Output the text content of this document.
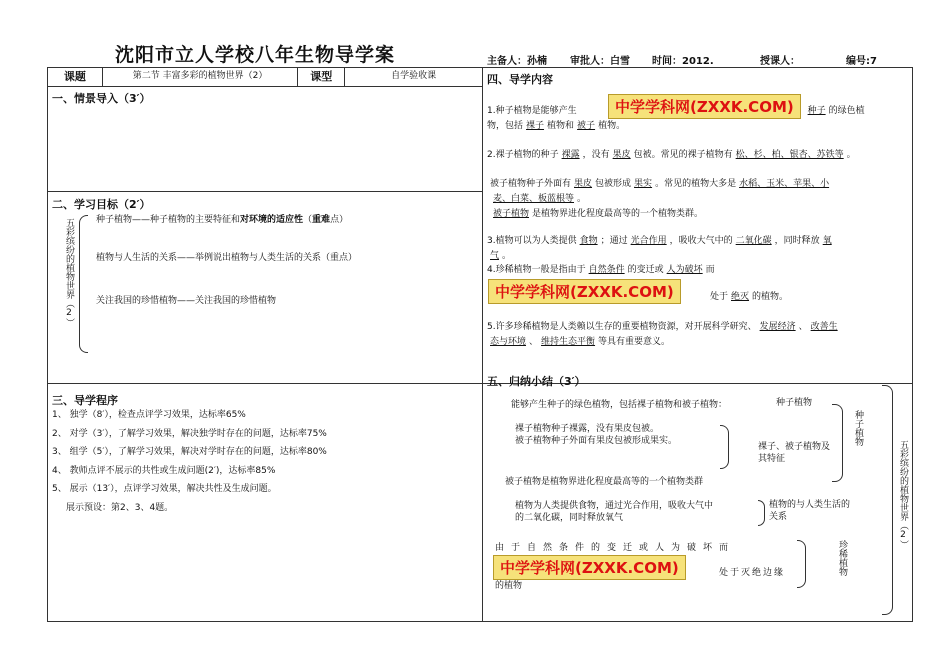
沈阳市立人学校八年生物导学案	主备人：孙楠 审批人：白雪 时间：2012.	授课人：	编号:7
课题	第二节 丰富多彩的植物世界（2）	课型	自学验收课	

一、情景导入（3′）
二、学习目标（2′）
五彩缤纷的植物世界（2） 种子植物——种子植物的主要特征和对环境的适应性（重难点）
植物与人生活的关系——举例说出植物与人类生活的关系（重点）
关注我国的珍惜植物——关注我国的珍惜植物
三、导学程序
1、 独学（8′），检查点评学习效果，达标率65%
2、 对学（3′），了解学习效果，解决独学时存在的问题，达标率75%
3、 组学（5′），了解学习效果，解决对学时存在的问题，达标率80%
4、 教师点评不展示的共性或生成问题(2′)，达标率85%
5、 展示（13′），点评学习效果，解决共性及生成问题。
展示预设：第2、3、4题。
四、导学内容
中学学科网(ZXXK.COM)
1.种子植物是能够产生	种子 的绿色植
物，包括 裸子 植物和 被子 植物。
2.裸子植物的种子 裸露 ，没有 果皮 包被。常见的裸子植物有 松、杉、柏、银杏、苏铁等 。
被子植物种子外面有 果皮 包被形成 果实 。常见的植物大多是 水稻、玉米、苹果、小
麦、白菜、板蓝根等 。
被子植物 是植物界进化程度最高等的一个植物类群。
3.植物可以为人类提供 食物 ；通过 光合作用 ，吸收大气中的 二氧化碳 ，同时释放 氧
气 。
4.珍稀植物一般是指由于 自然条件 的变迁或 人为破坏 而
中学学科网(ZXXK.COM)	处于 绝灭 的植物。
5.许多珍稀植物是人类赖以生存的重要植物资源，对开展科学研究、 发展经济 、 改善生
态与环境 、 维持生态平衡 等具有重要意义。
五、归纳小结（3′）
能够产生种子的绿色植物，包括裸子植物和被子植物：	种子植物
裸子植物种子裸露，没有果皮包被。
被子植物种子外面有果皮包被形成果实。
裸子、被子植物及其特征
种子植物
被子植物是植物界进化程度最高等的一个植物类群
植物为人类提供食物，通过光合作用，吸收大气中
的二氧化碳，同时释放氧气
植物的与人类生活的关系
由于自然条件的变迁或人为破坏而
中学学科网(ZXXK.COM)	处于灭绝边缘
的植物
珍稀植物
五彩缤纷的植物世界（2）
